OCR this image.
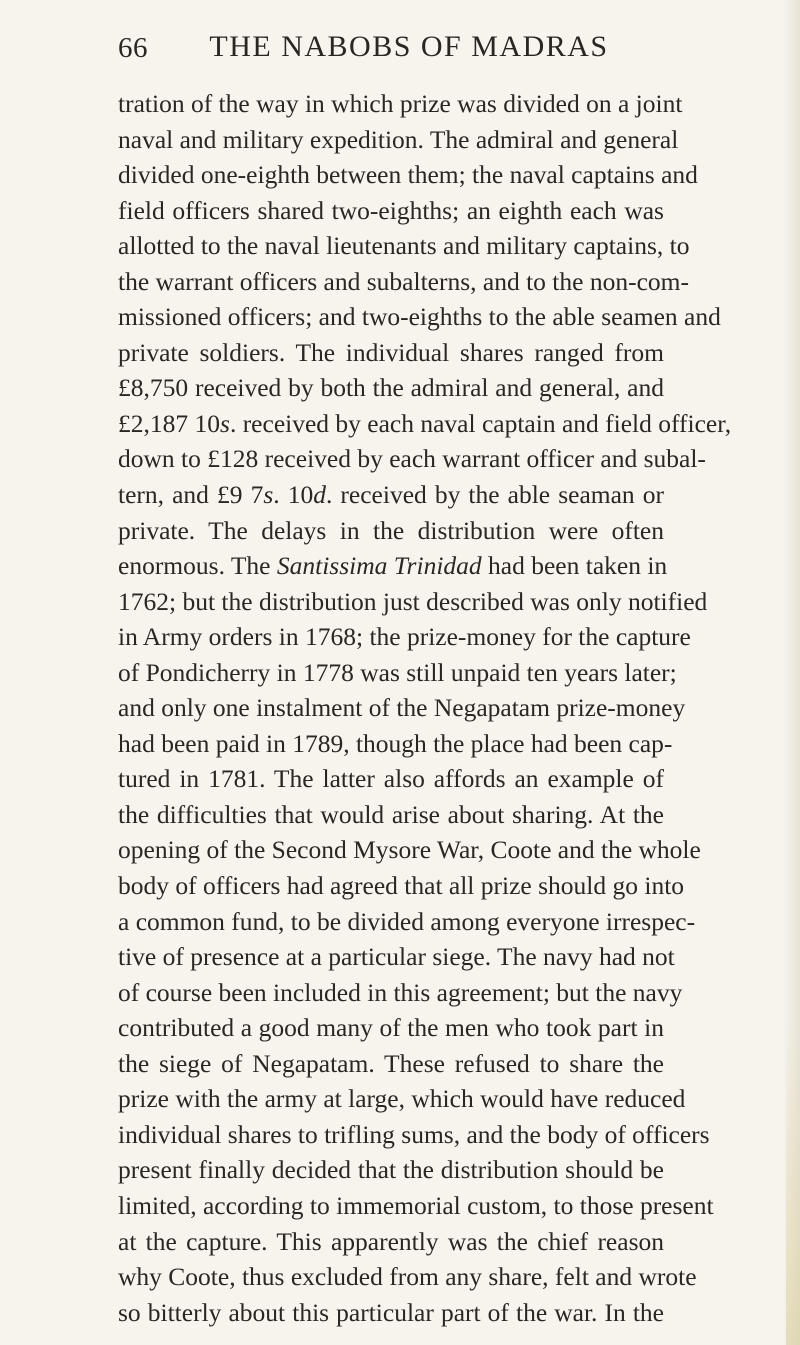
66	THE NABOBS OF MADRAS
tration of the way in which prize was divided on a joint
naval and military expedition. The admiral and general
divided one-eighth between them; the naval captains and
field officers shared two-eighths; an eighth each was
allotted to the naval lieutenants and military captains, to
the warrant officers and subalterns, and to the non-com-
missioned officers; and two-eighths to the able seamen and
private soldiers. The individual shares ranged from
£8,750 received by both the admiral and general, and
£2,187 10s. received by each naval captain and field officer,
down to £128 received by each warrant officer and subal-
tern, and £9 7s. 10d. received by the able seaman or
private. The delays in the distribution were often
enormous. The Santissima Trinidad had been taken in
1762; but the distribution just described was only notified
in Army orders in 1768; the prize-money for the capture
of Pondicherry in 1778 was still unpaid ten years later;
and only one instalment of the Negapatam prize-money
had been paid in 1789, though the place had been cap-
tured in 1781. The latter also affords an example of
the difficulties that would arise about sharing. At the
opening of the Second Mysore War, Coote and the whole
body of officers had agreed that all prize should go into
a common fund, to be divided among everyone irrespec-
tive of presence at a particular siege. The navy had not
of course been included in this agreement; but the navy
contributed a good many of the men who took part in
the siege of Negapatam. These refused to share the
prize with the army at large, which would have reduced
individual shares to trifling sums, and the body of officers
present finally decided that the distribution should be
limited, according to immemorial custom, to those present
at the capture. This apparently was the chief reason
why Coote, thus excluded from any share, felt and wrote
so bitterly about this particular part of the war. In the
